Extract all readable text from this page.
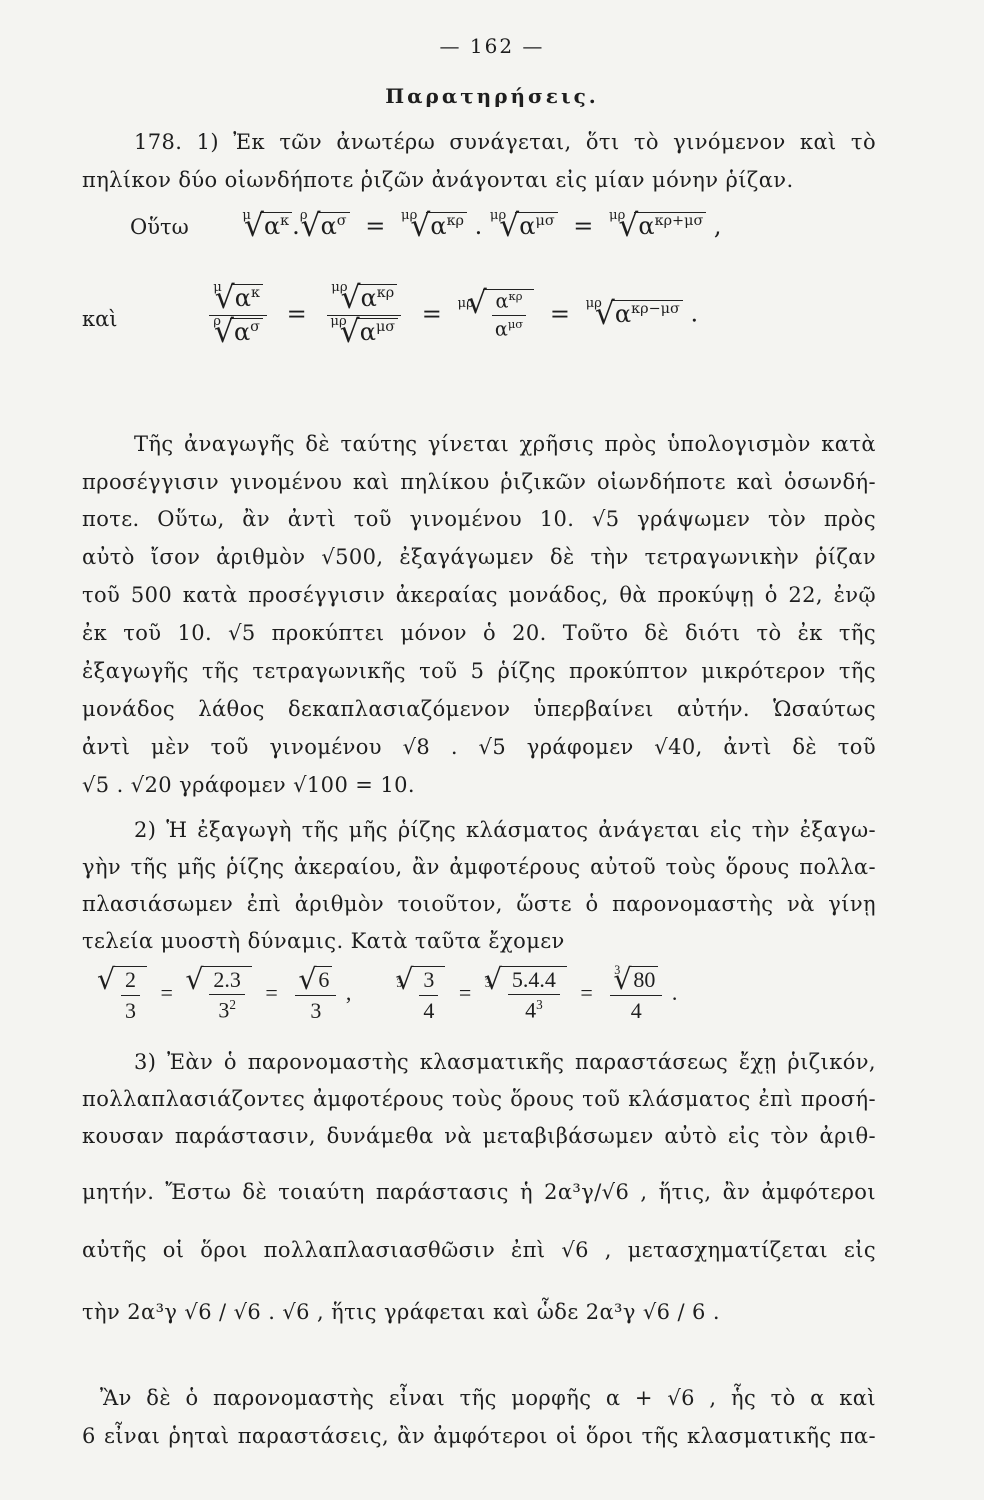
— 162 —
Παρατηρήσεις.
178. 1) Ἐκ τῶν ἀνωτέρω συνάγεται, ὅτι τὸ γινόμενον καὶ τὸ
πηλίκον δύο οἱωνδήποτε ῥιζῶν ἀνάγονται εἰς μίαν μόνην ῥίζαν.
Οὕτω	$^\mu$√ $\alpha^\kappa$ .$^\rho$√ $\alpha^\sigma = ^{\mu\rho}√$ $\alpha^{\kappa\rho}$ . $^{\mu\rho}$√ $\alpha^{\mu\sigma} = ^{\mu\rho}√$ $\alpha^{\kappa\rho+\mu\sigma}$ ,
καὶ	$\frac{^\mu√ \alpha^\kappa}{^\rho√ \alpha^\sigma} = \frac{^{\mu\rho}√ \alpha^{\kappa\rho}}{^{\mu\rho}√ \alpha^{\mu\sigma}} = ^{\mu\rho}$
√ $\frac{\alpha^{\kappa\rho}}{\alpha^{\mu\sigma}} = ^{\mu\rho}√$ $\alpha^{\kappa\rho-\mu\sigma}$ .
Τῆς ἀναγωγῆς δὲ ταύτης γίνεται χρῆσις πρὸς ὑπολογισμὸν κατὰ
προσέγγισιν γινομένου καὶ πηλίκου ῥιζικῶν οἱωνδήποτε καὶ ὁσωνδή-
ποτε. Οὕτω, ἂν ἀντὶ τοῦ γινομένου 10. √5 γράψωμεν τὸν πρὸς
αὐτὸ ἴσον ἀριθμὸν √500, ἐξαγάγωμεν δὲ τὴν τετραγωνικὴν ῥίζαν
τοῦ 500 κατὰ προσέγγισιν ἀκεραίας μονάδος, θὰ προκύψῃ ὁ 22, ἐνῷ
ἐκ τοῦ 10. √5 προκύπτει μόνον ὁ 20. Τοῦτο δὲ διότι τὸ ἐκ τῆς
ἐξαγωγῆς τῆς τετραγωνικῆς τοῦ 5 ῥίζης προκύπτον μικρότερον τῆς
μονάδος λάθος δεκαπλασιαζόμενον ὑπερβαίνει αὐτήν. Ὡσαύτως
ἀντὶ μὲν τοῦ γινομένου √8 . √5 γράφομεν √40, ἀντὶ δὲ τοῦ
√5 . √20 γράφομεν √100 = 10.
2) Ἡ ἐξαγωγὴ τῆς μῆς ῥίζης κλάσματος ἀνάγεται εἰς τὴν ἐξαγω-
γὴν τῆς μῆς ῥίζης ἀκεραίου, ἂν ἀμφοτέρους αὐτοῦ τοὺς ὅρους πολλα-
πλασιάσωμεν ἐπὶ ἀριθμὸν τοιοῦτον, ὥστε ὁ παρονομαστὴς νὰ γίνῃ
τελεία μυοστὴ δύναμις. Κατὰ ταῦτα ἔχομεν
√ $\frac{2}{3}$ =
√ $\frac{2.3}{3^2}$ =
√ $\frac{6}{3}$ ,	$^3$
√ $\frac{3}{4} = ^3$
√ $\frac{5.4.4}{4^3} = \frac{^3√ 80}{4}$ .
3) Ἐὰν ὁ παρονομαστὴς κλασματικῆς παραστάσεως ἔχῃ ῥιζικόν,
πολλαπλασιάζοντες ἀμφοτέρους τοὺς ὅρους τοῦ κλάσματος ἐπὶ προσή-
κουσαν παράστασιν, δυνάμεθα νὰ μεταβιβάσωμεν αὐτὸ εἰς τὸν ἀριθ-
μητήν. Ἔστω δὲ τοιαύτη παράστασις ἡ 2α³γ/√6 , ἥτις, ἂν ἀμφότεροι
αὐτῆς οἱ ὅροι πολλαπλασιασθῶσιν ἐπὶ √6 , μετασχηματίζεται εἰς
τὴν 2α³γ √6 / √6 . √6 , ἥτις γράφεται καὶ ὧδε 2α³γ √6 / 6 .
Ἂν δὲ ὁ παρονομαστὴς εἶναι τῆς μορφῆς α + √6 , ἧς τὸ α καὶ
6 εἶναι ῥηταὶ παραστάσεις, ἂν ἀμφότεροι οἱ ὅροι τῆς κλασματικῆς πα-
